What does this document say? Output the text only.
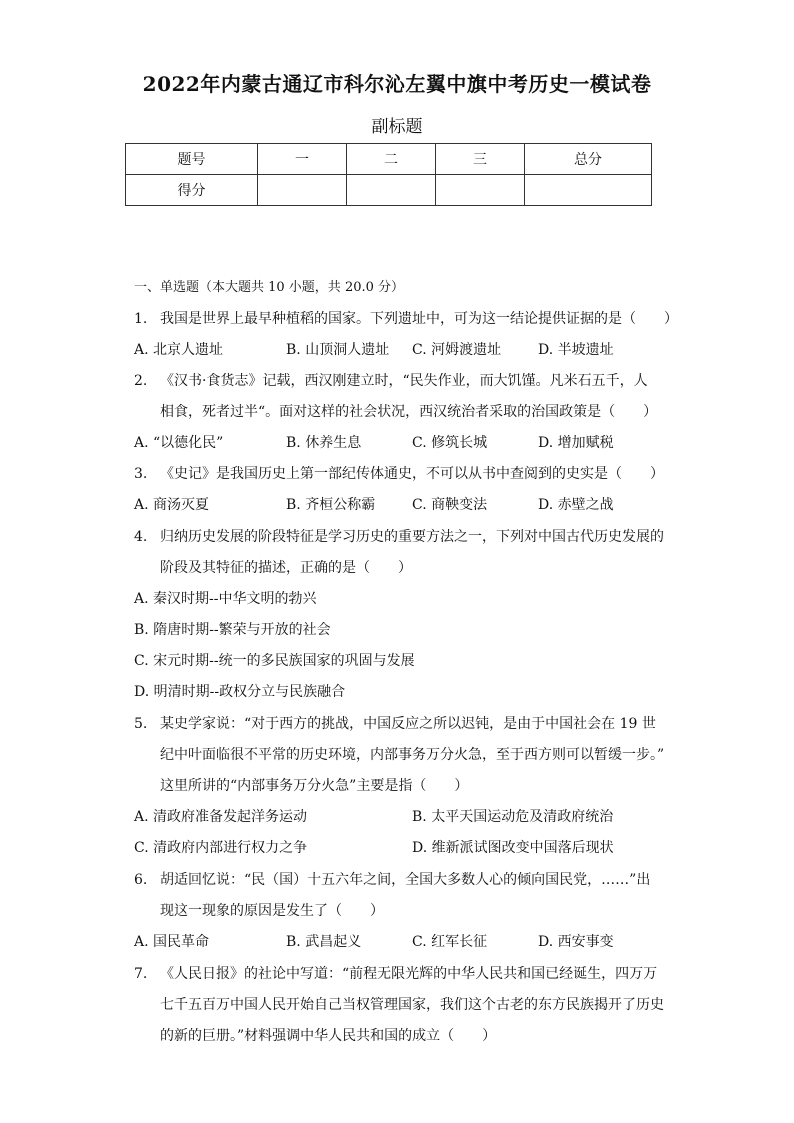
2022年内蒙古通辽市科尔沁左翼中旗中考历史一模试卷
副标题
题号	一	二	三	总分
得分				
一、单选题（本大题共 10 小题，共 20.0 分）
1. 我国是世界上最早种植稻的国家。下列遗址中，可为这一结论提供证据的是（　　）
A. 北京人遗址	B. 山顶洞人遗址 C. 河姆渡遗址	D. 半坡遗址
2. 《汉书·食货志》记载，西汉刚建立时，“民失作业，而大饥馑。凡米石五千，人
相食，死者过半“。面对这样的社会状况，西汉统治者采取的治国政策是（　　）
A. “以德化民”	B. 休养生息	C. 修筑长城	D. 增加赋税
3. 《史记》是我国历史上第一部纪传体通史，不可以从书中查阅到的史实是（　　）
A. 商汤灭夏	B. 齐桓公称霸	C. 商鞅变法	D. 赤壁之战
4. 归纳历史发展的阶段特征是学习历史的重要方法之一，下列对中国古代历史发展的
阶段及其特征的描述，正确的是（　　）
A. 秦汉时期--中华文明的勃兴
B. 隋唐时期--繁荣与开放的社会
C. 宋元时期--统一的多民族国家的巩固与发展
D. 明清时期--政权分立与民族融合
5. 某史学家说：“对于西方的挑战，中国反应之所以迟钝，是由于中国社会在 19 世
纪中叶面临很不平常的历史环境，内部事务万分火急，至于西方则可以暂缓一步。”
这里所讲的“内部事务万分火急”主要是指（　　）
A. 清政府准备发起洋务运动	B. 太平天国运动危及清政府统治
C. 清政府内部进行权力之争	D. 维新派试图改变中国落后现状
6. 胡适回忆说：“民（国）十五六年之间，全国大多数人心的倾向国民党，……”出
现这一现象的原因是发生了（　　）
A. 国民革命	B. 武昌起义	C. 红军长征	D. 西安事变
7. 《人民日报》的社论中写道：“前程无限光辉的中华人民共和国已经诞生，四万万
七千五百万中国人民开始自己当权管理国家，我们这个古老的东方民族揭开了历史
的新的巨册。”材料强调中华人民共和国的成立（　　）
